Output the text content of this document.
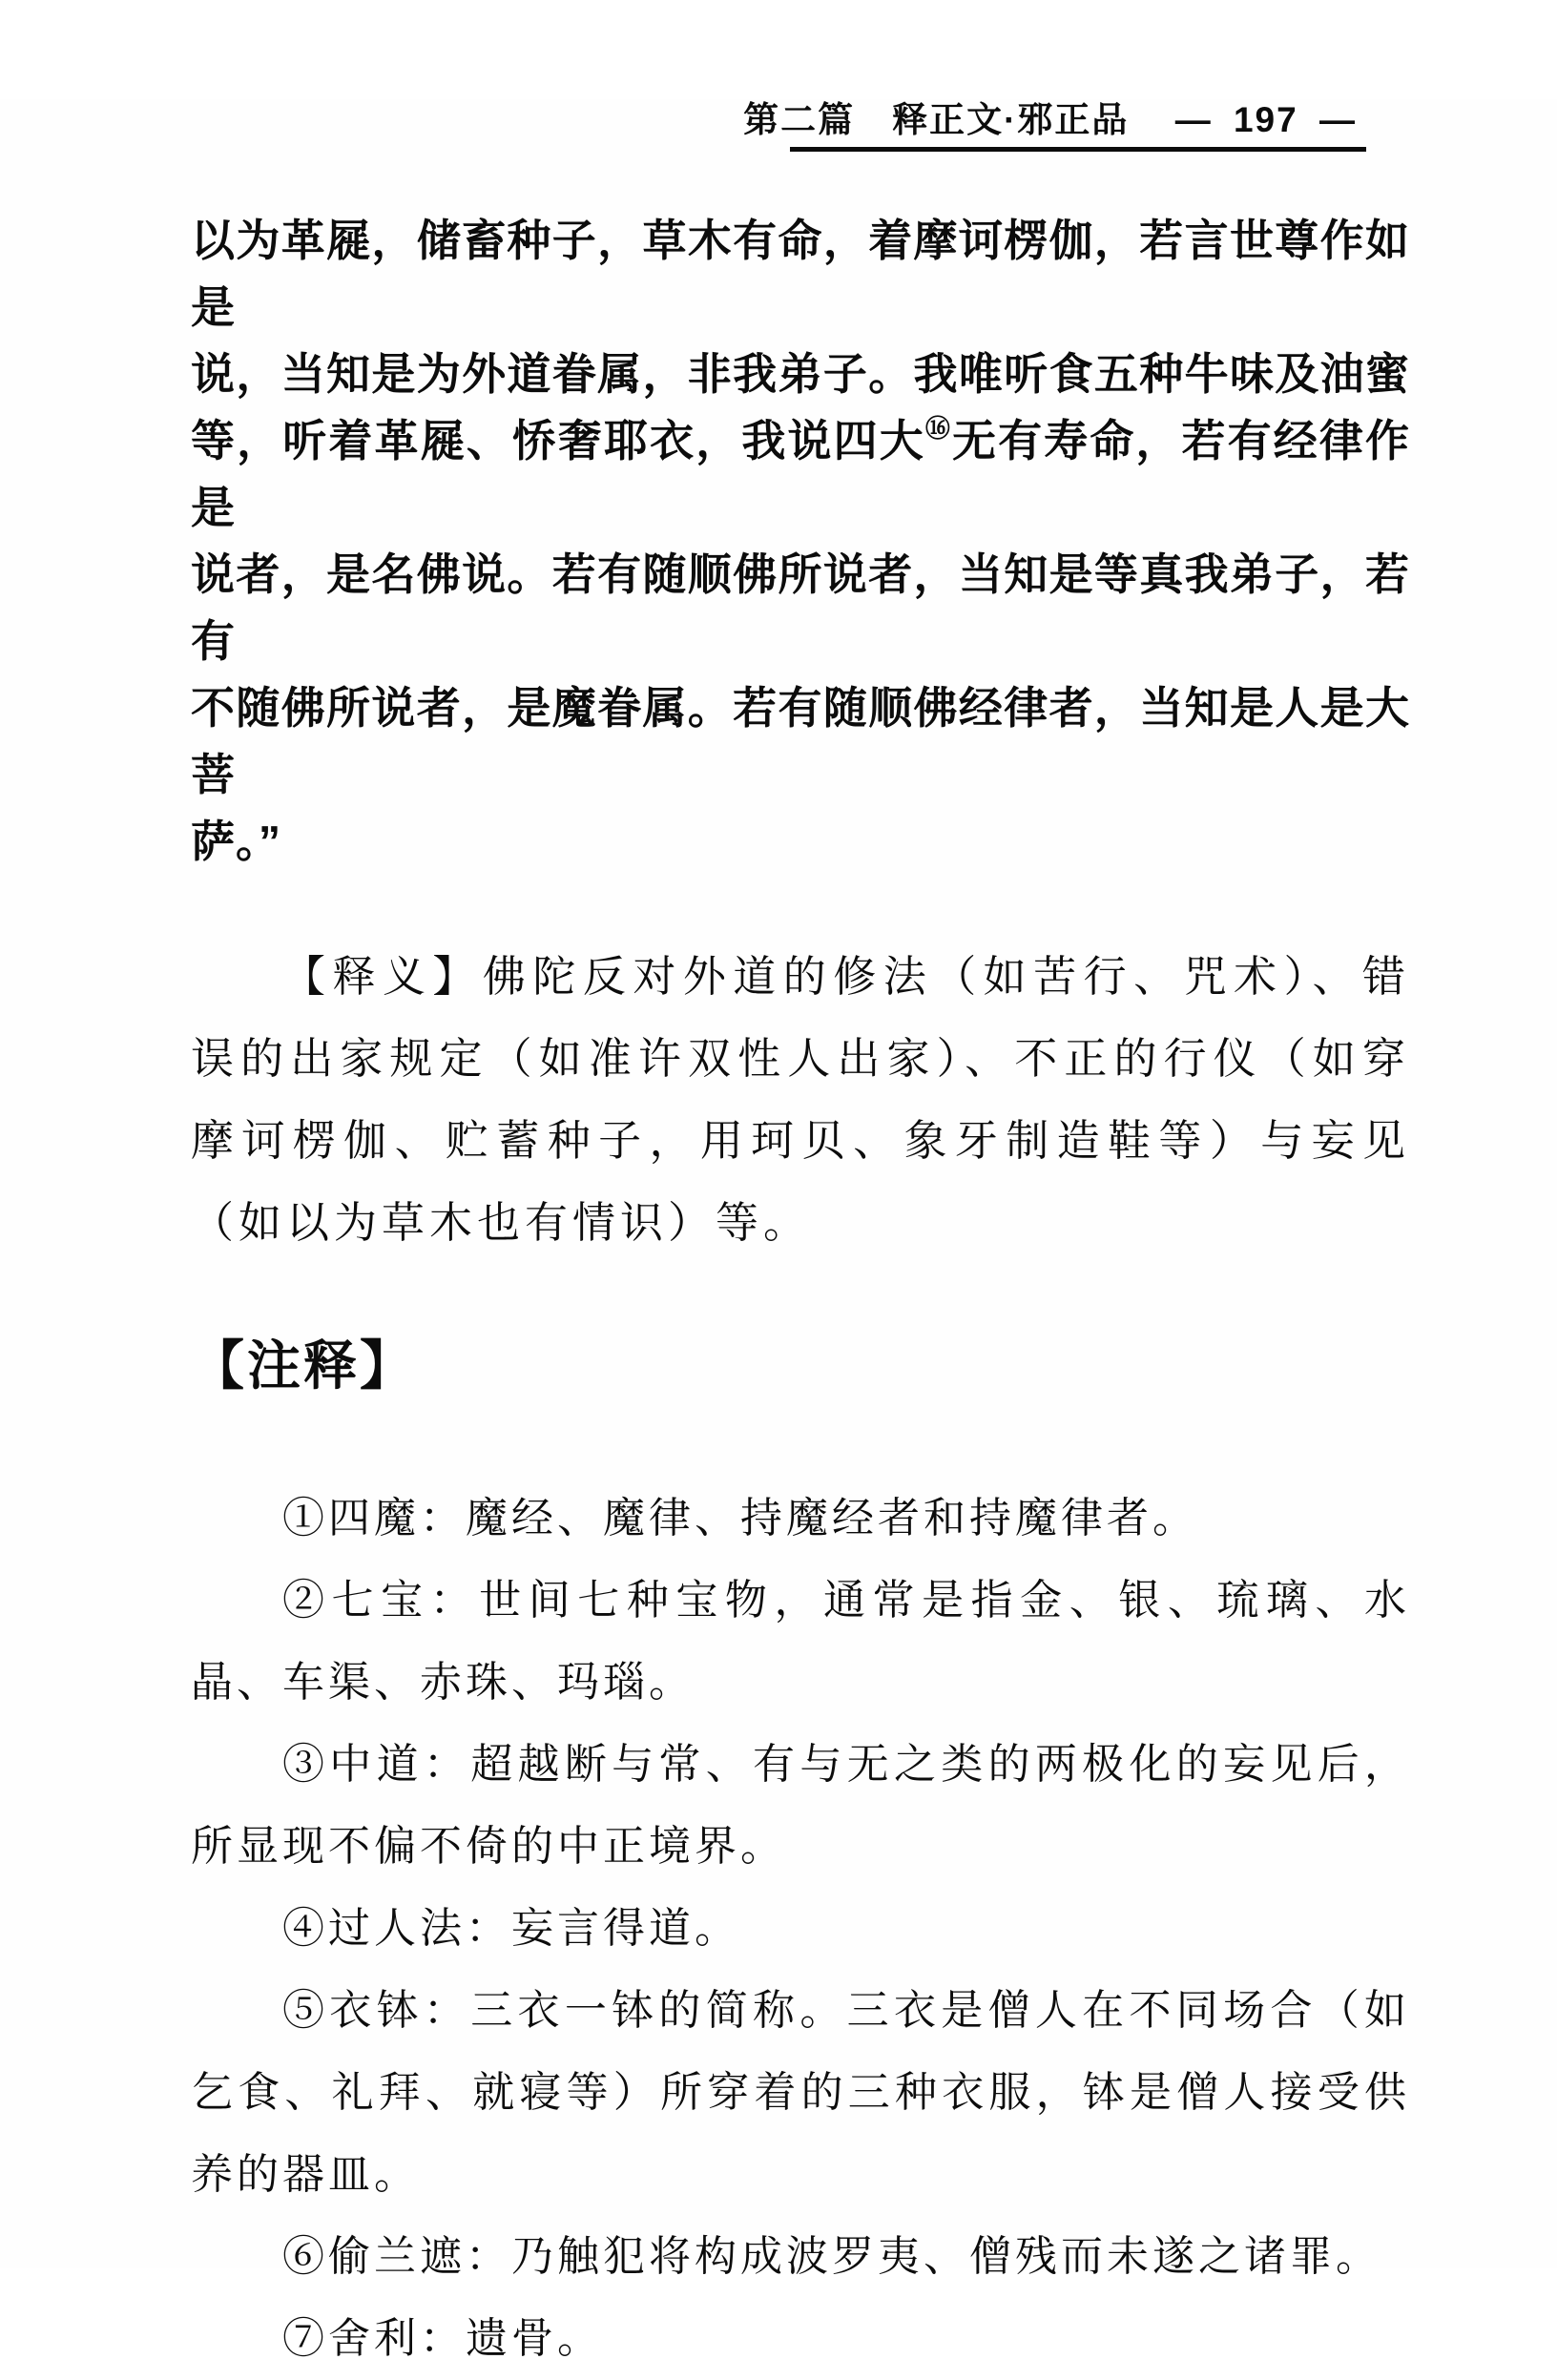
第二篇　释正文·邪正品 — 197 —
以为革屣，储畜种子，草木有命，着摩诃楞伽，若言世尊作如是
说，当知是为外道眷属，非我弟子。我唯听食五种牛味及油蜜
等，听着革屣、㤭奢耶衣，我说四大⑯无有寿命，若有经律作是
说者，是名佛说。若有随顺佛所说者，当知是等真我弟子，若有
不随佛所说者，是魔眷属。若有随顺佛经律者，当知是人是大菩
萨。”
【释义】佛陀反对外道的修法（如苦行、咒术）、错
误的出家规定（如准许双性人出家）、不正的行仪（如穿
摩诃楞伽、贮蓄种子，用珂贝、象牙制造鞋等）与妄见
（如以为草木也有情识）等。
【注释】
①四魔：魔经、魔律、持魔经者和持魔律者。
②七宝：世间七种宝物，通常是指金、银、琉璃、水
晶、车渠、赤珠、玛瑙。
③中道：超越断与常、有与无之类的两极化的妄见后，
所显现不偏不倚的中正境界。
④过人法：妄言得道。
⑤衣钵：三衣一钵的简称。三衣是僧人在不同场合（如
乞食、礼拜、就寝等）所穿着的三种衣服，钵是僧人接受供
养的器皿。
⑥偷兰遮：乃触犯将构成波罗夷、僧残而未遂之诸罪。
⑦舍利：遗骨。
